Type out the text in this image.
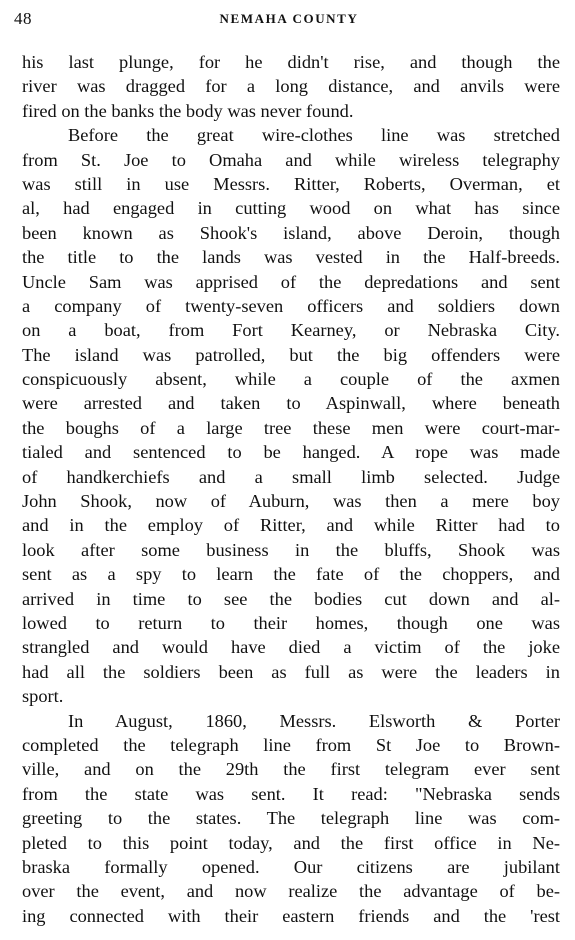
48	NEMAHA COUNTY
his last plunge, for he didn't rise, and though the
river was dragged for a long distance, and anvils were
fired on the banks the body was never found.
Before the great wire-clothes line was stretched
from St. Joe to Omaha and while wireless telegraphy
was still in use Messrs. Ritter, Roberts, Overman, et
al, had engaged in cutting wood on what has since
been known as Shook's island, above Deroin, though
the title to the lands was vested in the Half-breeds.
Uncle Sam was apprised of the depredations and sent
a company of twenty-seven officers and soldiers down
on a boat, from Fort Kearney, or Nebraska City.
The island was patrolled, but the big offenders were
conspicuously absent, while a couple of the axmen
were arrested and taken to Aspinwall, where beneath
the boughs of a large tree these men were court-mar-
tialed and sentenced to be hanged. A rope was made
of handkerchiefs and a small limb selected. Judge
John Shook, now of Auburn, was then a mere boy
and in the employ of Ritter, and while Ritter had to
look after some business in the bluffs, Shook was
sent as a spy to learn the fate of the choppers, and
arrived in time to see the bodies cut down and al-
lowed to return to their homes, though one was
strangled and would have died a victim of the joke
had all the soldiers been as full as were the leaders in
sport.
In August, 1860, Messrs. Elsworth & Porter
completed the telegraph line from St Joe to Brown-
ville, and on the 29th the first telegram ever sent
from the state was sent. It read: "Nebraska sends
greeting to the states. The telegraph line was com-
pleted to this point today, and the first office in Ne-
braska formally opened. Our citizens are jubilant
over the event, and now realize the advantage of be-
ing connected with their eastern friends and the 'rest
